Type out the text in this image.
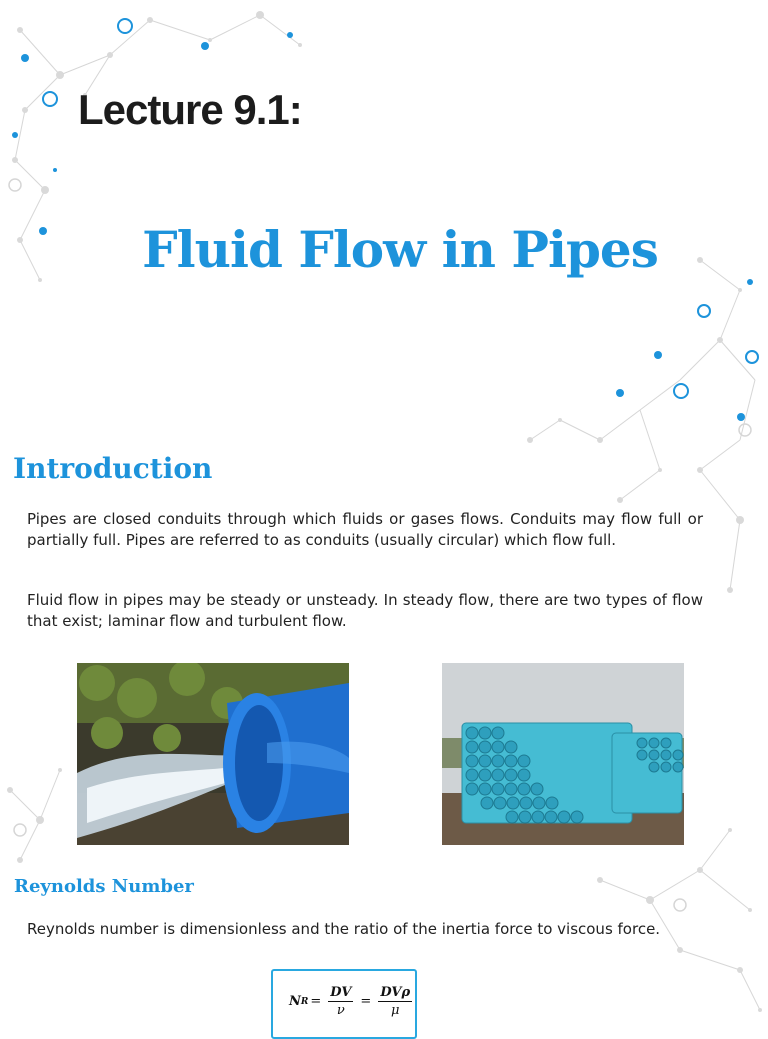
Lecture 9.1:
Fluid Flow in Pipes
Introduction
Pipes are closed conduits through which fluids or gases flows. Conduits may flow full or partially full. Pipes are referred to as conduits (usually circular) which flow full.
Fluid flow in pipes may be steady or unsteady. In steady flow, there are two types of flow that exist; laminar flow and turbulent flow.
Reynolds Number
Reynolds number is dimensionless and the ratio of the inertia force to viscous force.
N $R = \frac{DV}{\nu} = \frac{\text{DVρ}}{\mu}$
